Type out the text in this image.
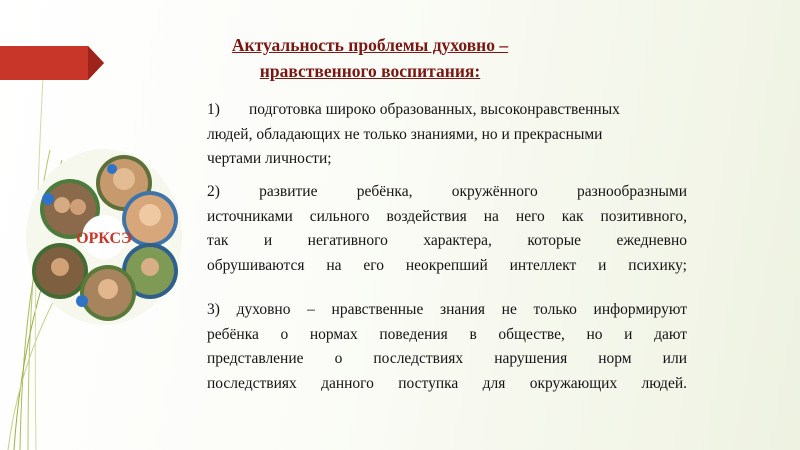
ОРКСЭ
Актуальность проблемы духовно – нравственного воспитания:
1) подготовка широко образованных, высоконравственных
людей, обладающих не только знаниями, но и прекрасными
чертами личности;
2) развитие ребёнка, окружённого разнообразными
источниками сильного воздействия на него как позитивного,
так и негативного характера, которые ежедневно
обрушиваются на его неокрепший интеллект и психику;
3) духовно – нравственные знания не только информируют
ребёнка о нормах поведения в обществе, но и дают
представление о последствиях нарушения норм или
последствиях данного поступка для окружающих людей.
